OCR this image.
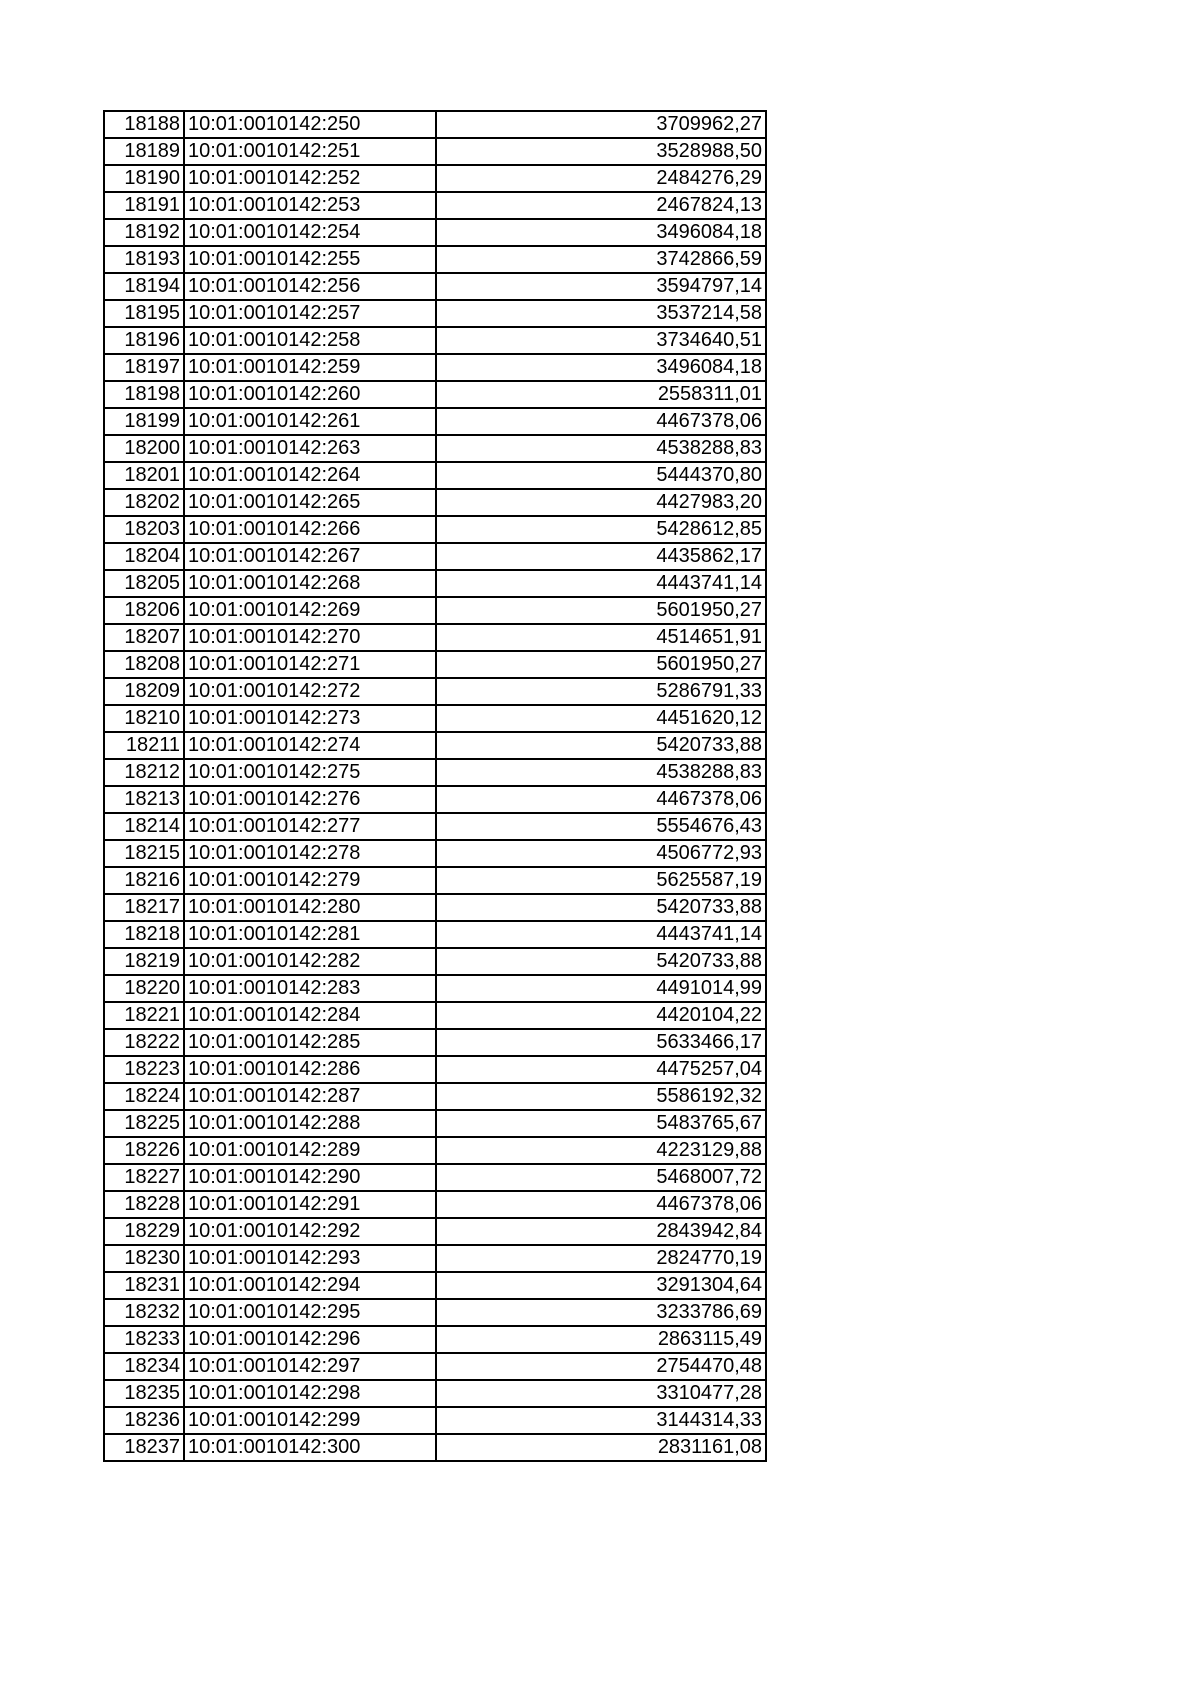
18188	10:01:0010142:250	3709962,27
18189	10:01:0010142:251	3528988,50
18190	10:01:0010142:252	2484276,29
18191	10:01:0010142:253	2467824,13
18192	10:01:0010142:254	3496084,18
18193	10:01:0010142:255	3742866,59
18194	10:01:0010142:256	3594797,14
18195	10:01:0010142:257	3537214,58
18196	10:01:0010142:258	3734640,51
18197	10:01:0010142:259	3496084,18
18198	10:01:0010142:260	2558311,01
18199	10:01:0010142:261	4467378,06
18200	10:01:0010142:263	4538288,83
18201	10:01:0010142:264	5444370,80
18202	10:01:0010142:265	4427983,20
18203	10:01:0010142:266	5428612,85
18204	10:01:0010142:267	4435862,17
18205	10:01:0010142:268	4443741,14
18206	10:01:0010142:269	5601950,27
18207	10:01:0010142:270	4514651,91
18208	10:01:0010142:271	5601950,27
18209	10:01:0010142:272	5286791,33
18210	10:01:0010142:273	4451620,12
18211	10:01:0010142:274	5420733,88
18212	10:01:0010142:275	4538288,83
18213	10:01:0010142:276	4467378,06
18214	10:01:0010142:277	5554676,43
18215	10:01:0010142:278	4506772,93
18216	10:01:0010142:279	5625587,19
18217	10:01:0010142:280	5420733,88
18218	10:01:0010142:281	4443741,14
18219	10:01:0010142:282	5420733,88
18220	10:01:0010142:283	4491014,99
18221	10:01:0010142:284	4420104,22
18222	10:01:0010142:285	5633466,17
18223	10:01:0010142:286	4475257,04
18224	10:01:0010142:287	5586192,32
18225	10:01:0010142:288	5483765,67
18226	10:01:0010142:289	4223129,88
18227	10:01:0010142:290	5468007,72
18228	10:01:0010142:291	4467378,06
18229	10:01:0010142:292	2843942,84
18230	10:01:0010142:293	2824770,19
18231	10:01:0010142:294	3291304,64
18232	10:01:0010142:295	3233786,69
18233	10:01:0010142:296	2863115,49
18234	10:01:0010142:297	2754470,48
18235	10:01:0010142:298	3310477,28
18236	10:01:0010142:299	3144314,33
18237	10:01:0010142:300	2831161,08
